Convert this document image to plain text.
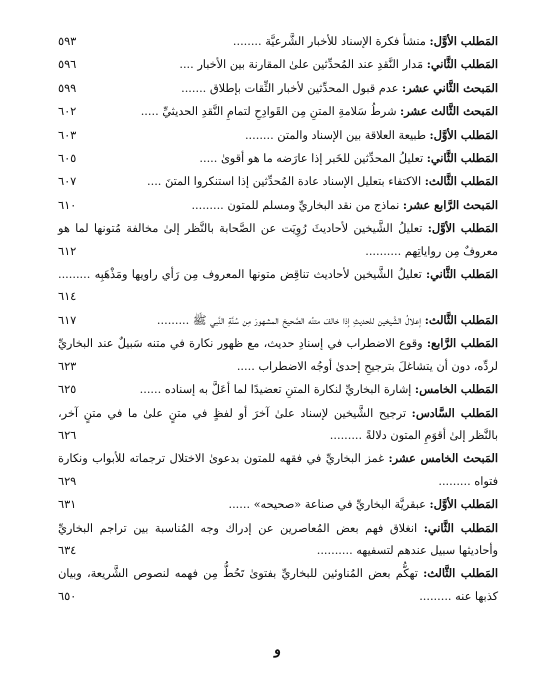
المَطلب الأوَّل: منشأ فكرة الإسناد للأخبار الشَّرعيَّة ........
٥٩٣
المَطلب الثَّاني: مَدار النَّقدِ عند المُحدِّثين علىٰ المقارنة بين الأخبار ....
٥٩٦
المَبحث الثَّاني عشر: عدم قبول المحدِّثين لأخبار الثِّقات بإطلاق .......
٥٩٩
المَبحث الثَّالث عشر: شرطُ سَلامةِ المتنِ مِن القَوادِحِ لتمامِ النَّقدِ الحديثيِّ .....
٦٠٢
المَطلب الأوَّل: طبيعة العلاقة بين الإسناد والمتن ........
٦٠٣
المَطلب الثَّاني: تعليلُ المحدِّثين للخَبر إذا عارَضه ما هو أقوىٰ .....
٦٠٥
المَطلب الثَّالث: الاكتفاء بتعليل الإسناد عادة المُحدِّثين إذا استنكروا المتنَ ....
٦٠٧
المَبحث الرَّابع عشر: نماذج من نقد البخاريِّ ومسلم للمتون .........
٦١٠
المَطلب الأوَّل: تعليلُ الشَّيخين لأحاديثَ رُوِيَت عن الصَّحابة بالنَّظر إلىٰ مخالفة مُتونها لما هو معروفٌ مِن رواياتِهم ..........
٦١٢
المَطلب الثَّاني: تعليلُ الشَّيخين لأحاديث تناقِض متونها المعروف مِن رَأي راويها ومَذْهَبِه .........
٦١٤
المَطلب الثَّالث: إعلالُ الشَّيخين للحديثِ إذا خالفَ متنُه الصَّحيحَ المشهورَ مِن سُنَّةِ النَّبي ﷺ .........
٦١٧
المَطلب الرَّابع: وقوع الاضطراب في إسنادِ حديث، مع ظهور نكارة في متنه سَبيلٌ عند البخاريِّ لردِّه، دون أن يتشاغلَ بترجيحِ إحدىٰ أوجُه الاضطراب .....
٦٢٣
المَطلب الخامس: إشارة البخاريِّ لنكارة المتنِ تعضيدًا لما أعَلَّ به إسناده ......
٦٢٥
المَطلب السَّادس: ترجيح الشَّيخين لإسناد علىٰ آخرَ أو لفظٍ في متنٍ علىٰ ما في متنٍ آخر، بالنَّظر إلىٰ أقوَمِ المتون دلالةً .........
٦٢٦
المَبحث الخامس عشر: غمز البخاريِّ في فقهه للمتون بدعوىٰ الاختلال ترجماته للأبواب ونكارة فتواه .........
٦٢٩
المَطلب الأوَّل: عبقريَّة البخاريِّ في صناعة «صحيحه» ......
٦٣١
المَطلب الثَّاني: انغلاق فهم بعض المُعاصرين عن إدراك وجه المُناسبة بين تراجم البخاريِّ وأحاديثها سبيل عندهم لتسفيهه ..........
٦٣٤
المَطلب الثَّالث: تهكُّم بعض المُناوئين للبخاريِّ بفتوىٰ تَحُطُّ مِن فهمه لنصوص الشَّريعة، وبيان كذبها عنه .........
٦٥٠
و
